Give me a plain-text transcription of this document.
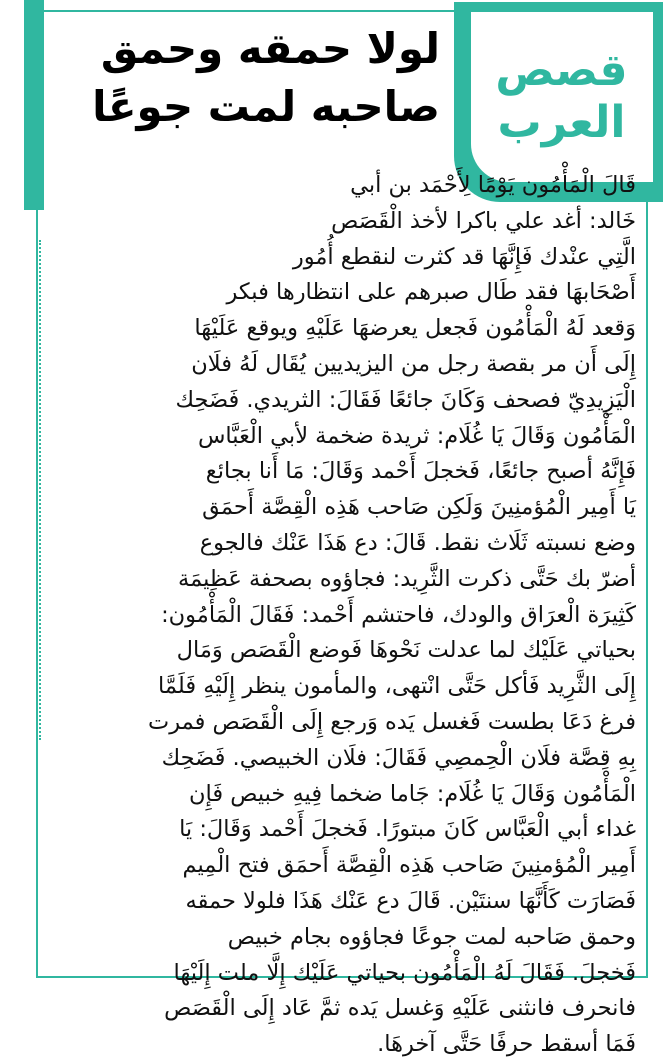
قصص
العرب
لولا حمقه وحمق
صاحبه لمت جوعًا
قَالَ الْمَأْمُون يَوْمًا لِأَحْمَد بن أبي
خَالد: أغد علي باكرا لأخذ الْقَصَص
الَّتِي عنْدك فَإِنَّهَا قد كثرت لنقطع أُمُور
أَصْحَابهَا فقد طَال صبرهم على انتظارها فبكر
وَقعد لَهُ الْمَأْمُون فَجعل يعرضهَا عَلَيْهِ ويوقع عَلَيْهَا
إِلَى أَن مر بقصة رجل من اليزيديين يُقَال لَهُ فلَان
الْيَزِيدِيّ فصحف وَكَانَ جائعًا فَقَالَ: الثريدي. فَضَحِك
الْمَأْمُون وَقَالَ يَا غُلَام: ثريدة ضخمة لأبي الْعَبَّاس
فَإِنَّهُ أصبح جائعًا، فَخجلَ أَحْمد وَقَالَ: مَا أَنا بجائع
يَا أَمِير الْمُؤمنِينَ وَلَكِن صَاحب هَذِه الْقِصَّة أَحمَق
وضع نسبته ثَلَاث نقط. قَالَ: دع هَذَا عَنْك فالجوع
أضرّ بك حَتَّى ذكرت الثَّرِيد: فجاؤوه بصحفة عَظِيمَة
كَثِيرَة الْعرَاق والودك، فاحتشم أَحْمد: فَقَالَ الْمَأْمُون:
بحياتي عَلَيْك لما عدلت نَحْوهَا فَوضع الْقَصَص وَمَال
إِلَى الثَّرِيد فَأكل حَتَّى انْتهى، والمأمون ينظر إِلَيْهِ فَلَمَّا
فرغ دَعَا بطست فَغسل يَده وَرجع إِلَى الْقَصَص فمرت
بِهِ قِصَّة فلَان الْحِمصِي فَقَالَ: فلَان الخبيصي. فَضَحِك
الْمَأْمُون وَقَالَ يَا غُلَام: جَاما ضخما فِيهِ خبيص فَإِن
غداء أبي الْعَبَّاس كَانَ مبتورًا. فَخجلَ أَحْمد وَقَالَ: يَا
أَمِير الْمُؤمنِينَ صَاحب هَذِه الْقِصَّة أَحمَق فتح الْمِيم
فَصَارَت كَأَنَّهَا سنتَيْن. قَالَ دع عَنْك هَذَا فلولا حمقه
وحمق صَاحبه لمت جوعًا فجاؤوه بجام خبيص
فَخجلَ. فَقَالَ لَهُ الْمَأْمُون بحياتي عَلَيْك إِلَّا ملت إِلَيْهَا
فانحرف فانثنى عَلَيْهِ وَغسل يَده ثمَّ عَاد إِلَى الْقَصَص
فَمَا أسقط حرفًا حَتَّى آخرهَا.
